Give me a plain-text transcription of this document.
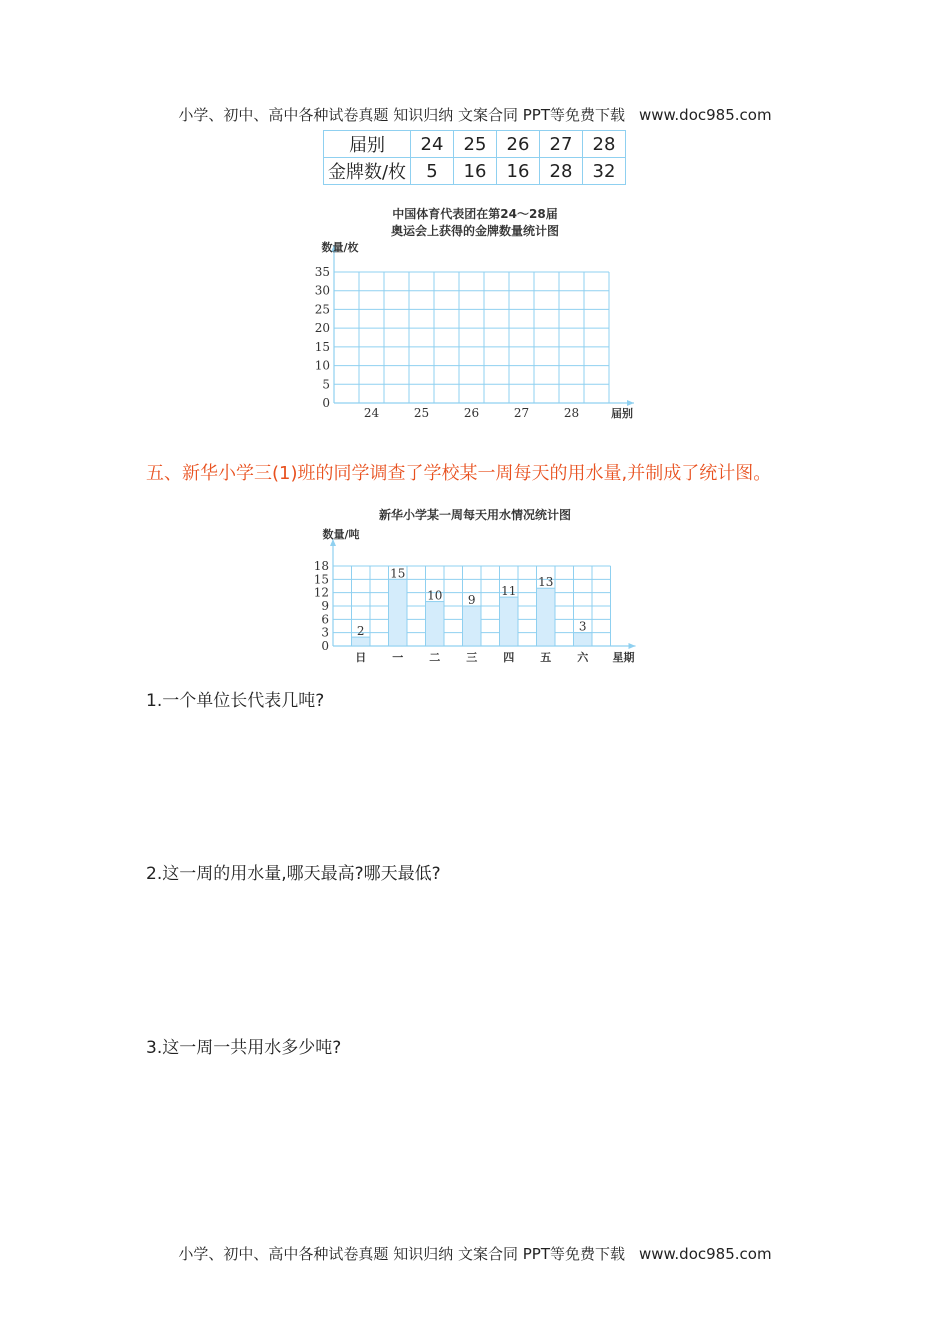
小学、初中、高中各种试卷真题 知识归纳 文案合同 PPT等免费下载 www.doc985.com
届别	24	25	26	27	28
金牌数/枚	5	16	16	28	32
中国体育代表团在第24～28届
奥运会上获得的金牌数量统计图
0
5
10
15
20
25
30
35
24	25	26	27	28	届别
数量/枚
五、新华小学三(1)班的同学调查了学校某一周每天的用水量,并制成了统计图。
新华小学某一周每天用水情况统计图
2
日
15
一
10
二
9
三
11
四
13
五
3
六
0
3
6
9
12
15
18
星期
数量/吨
1.一个单位长代表几吨?
2.这一周的用水量,哪天最高?哪天最低?
3.这一周一共用水多少吨?
小学、初中、高中各种试卷真题 知识归纳 文案合同 PPT等免费下载 www.doc985.com
